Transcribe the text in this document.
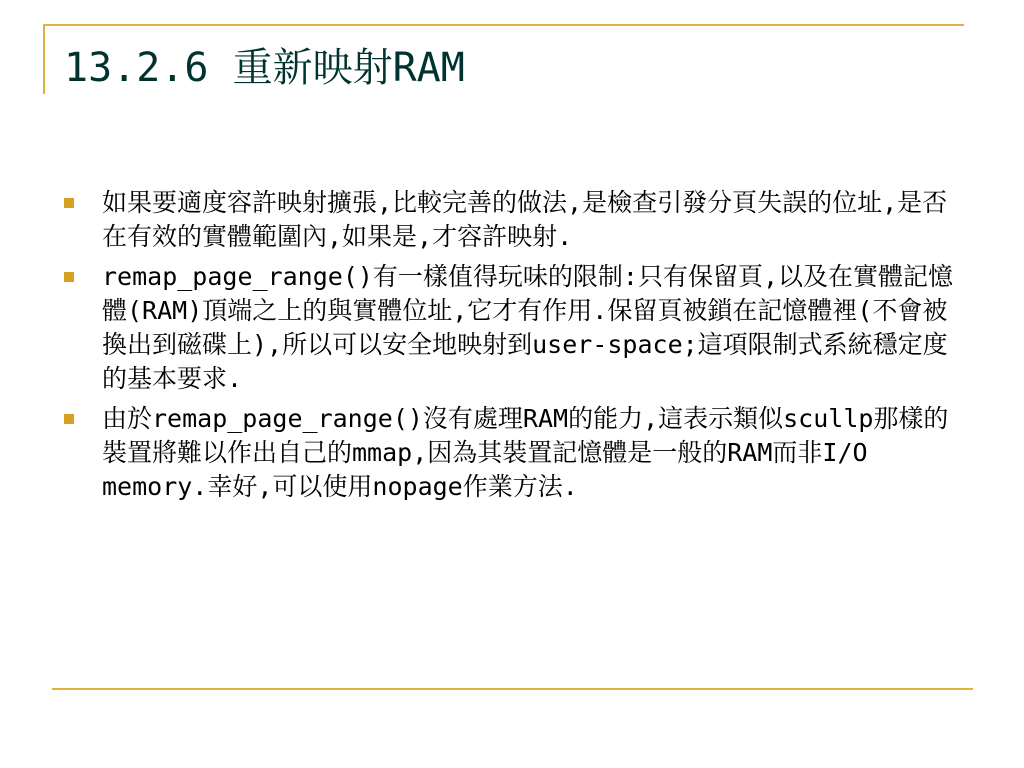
13.2.6 重新映射RAM
如果要適度容許映射擴張,比較完善的做法,是檢查引發分頁失誤的位址,是否在有效的實體範圍內,如果是,才容許映射.
remap_page_range()有一樣值得玩味的限制:只有保留頁,以及在實體記憶體(RAM)頂端之上的與實體位址,它才有作用.保留頁被鎖在記憶體裡(不會被換出到磁碟上),所以可以安全地映射到user-space;這項限制式系統穩定度的基本要求.
由於remap_page_range()沒有處理RAM的能力,這表示類似scullp那樣的裝置將難以作出自己的mmap,因為其裝置記憶體是一般的RAM而非I/O memory.幸好,可以使用nopage作業方法.
